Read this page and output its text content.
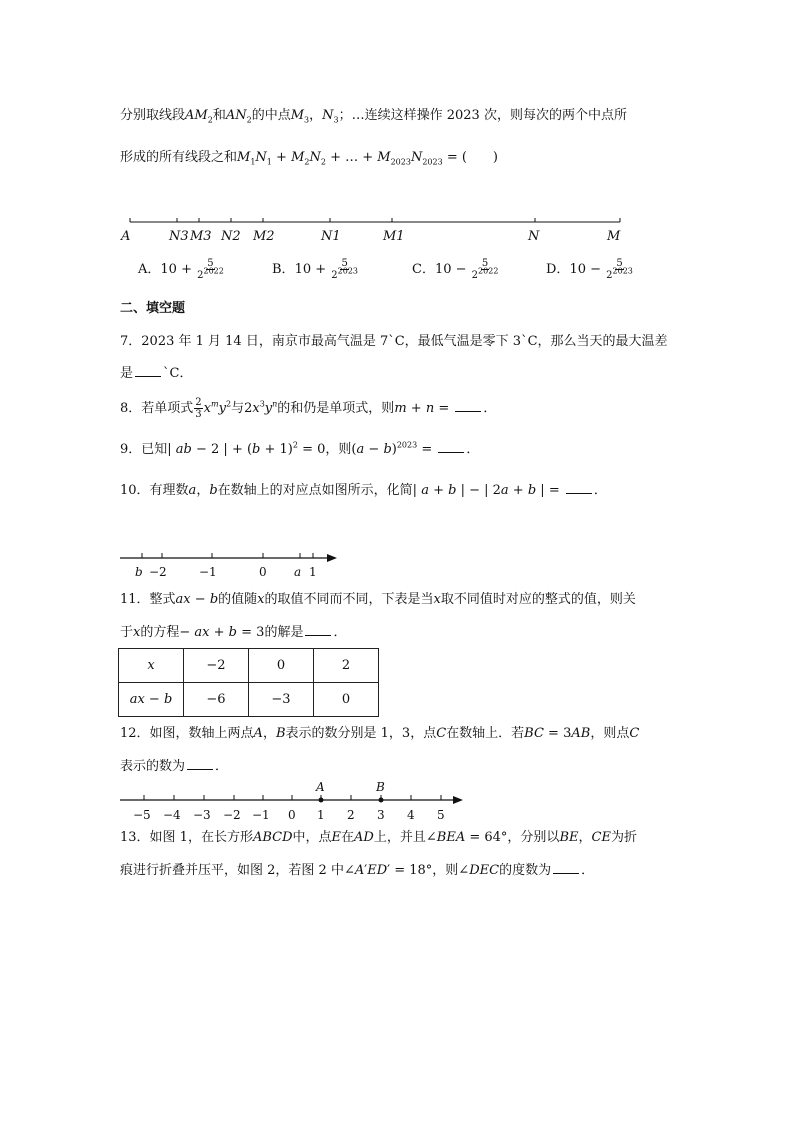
分别取线段$AM_2$和$AN_2$的中点$M_3$，$N_3$；…连续这样操作 2023 次，则每次的两个中点所
形成的所有线段之和$M_1N_1 + M_2N_2$ + … + $M_{2023}N_{2023}$ = (　　)
A	N3 M3 N2 M2	N1	M1	N	M
A．$10 + \frac{5}{2^{2022}}$	B．$10 + \frac{5}{2^{2023}}$	C．$10 - \frac{5}{2^{2022}}$	D．$10 - \frac{5}{2^{2023}}$
二、填空题
7．2023 年 1 月 14 日，南京市最高气温是 7`C，最低气温是零下 3`C，那么当天的最大温差
是 `C．
8．若单项式 $\frac{2}{3} x^my^2$与$2x^3y^n$的和仍是单项式，则m + n = ．
9．已知| ab − 2 | + $(b + 1)^2 = 0$，则$(a - b)^{2023}$ = ．
10．有理数a，b在数轴上的对应点如图所示，化简| a + b | − | 2a + b | = ．
b −2	−1	0 a 1
11．整式ax − b的值随x的取值不同而不同，下表是当x取不同值时对应的整式的值，则关
于x的方程− ax + b = 3的解是 ．
x	−2	0	2
ax − b	−6	−3	0
12．如图，数轴上两点A，B表示的数分别是 1，3，点C在数轴上．若BC = 3AB，则点C
表示的数为 ．
A	B
−5 −4 −3 −2 −1 0 1 2 3 4 5
13．如图 1，在长方形ABCD中，点E在AD上，并且∠BEA = 64°，分别以BE，CE为折
痕进行折叠并压平，如图 2，若图 2 中∠A′ED′ = 18°，则∠DEC的度数为 ．
